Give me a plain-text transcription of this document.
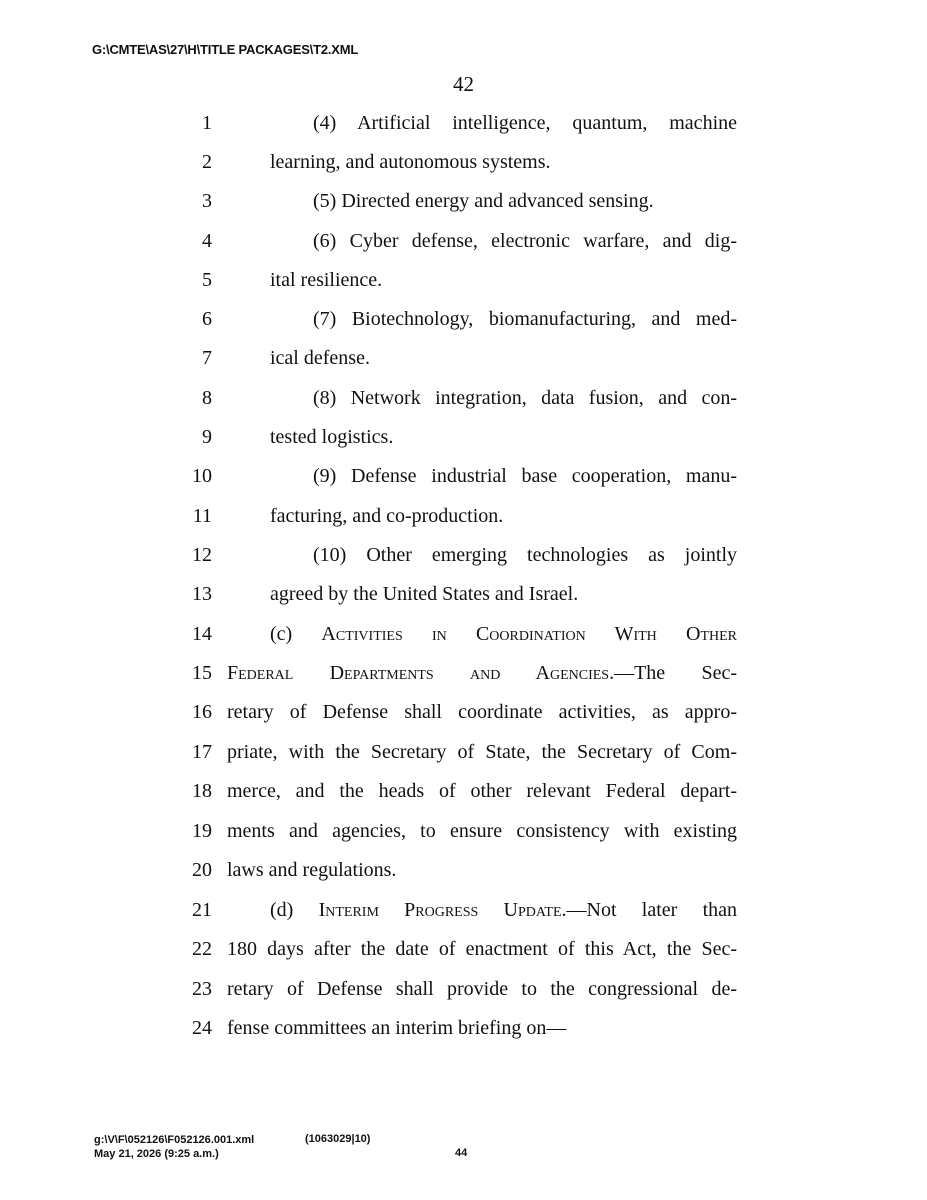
G:\CMTE\AS\27\H\TITLE PACKAGES\T2.XML
42
1	(4) Artificial intelligence, quantum, machine
2	learning, and autonomous systems.
3	(5) Directed energy and advanced sensing.
4	(6) Cyber defense, electronic warfare, and dig-
5	ital resilience.
6	(7) Biotechnology, biomanufacturing, and med-
7	ical defense.
8	(8) Network integration, data fusion, and con-
9	tested logistics.
10	(9) Defense industrial base cooperation, manu-
11	facturing, and co-production.
12	(10) Other emerging technologies as jointly
13	agreed by the United States and Israel.
14	(c) Activities in Coordination With Other
15 Federal Departments and Agencies.—The Sec-
16 retary of Defense shall coordinate activities, as appro-
17 priate, with the Secretary of State, the Secretary of Com-
18 merce, and the heads of other relevant Federal depart-
19 ments and agencies, to ensure consistency with existing
20 laws and regulations.
21	(d) Interim Progress Update.—Not later than
22 180 days after the date of enactment of this Act, the Sec-
23 retary of Defense shall provide to the congressional de-
24 fense committees an interim briefing on—
g:\V\F\052126\F052126.001.xml
May 21, 2026 (9:25 a.m.)
(1063029|10)
44
